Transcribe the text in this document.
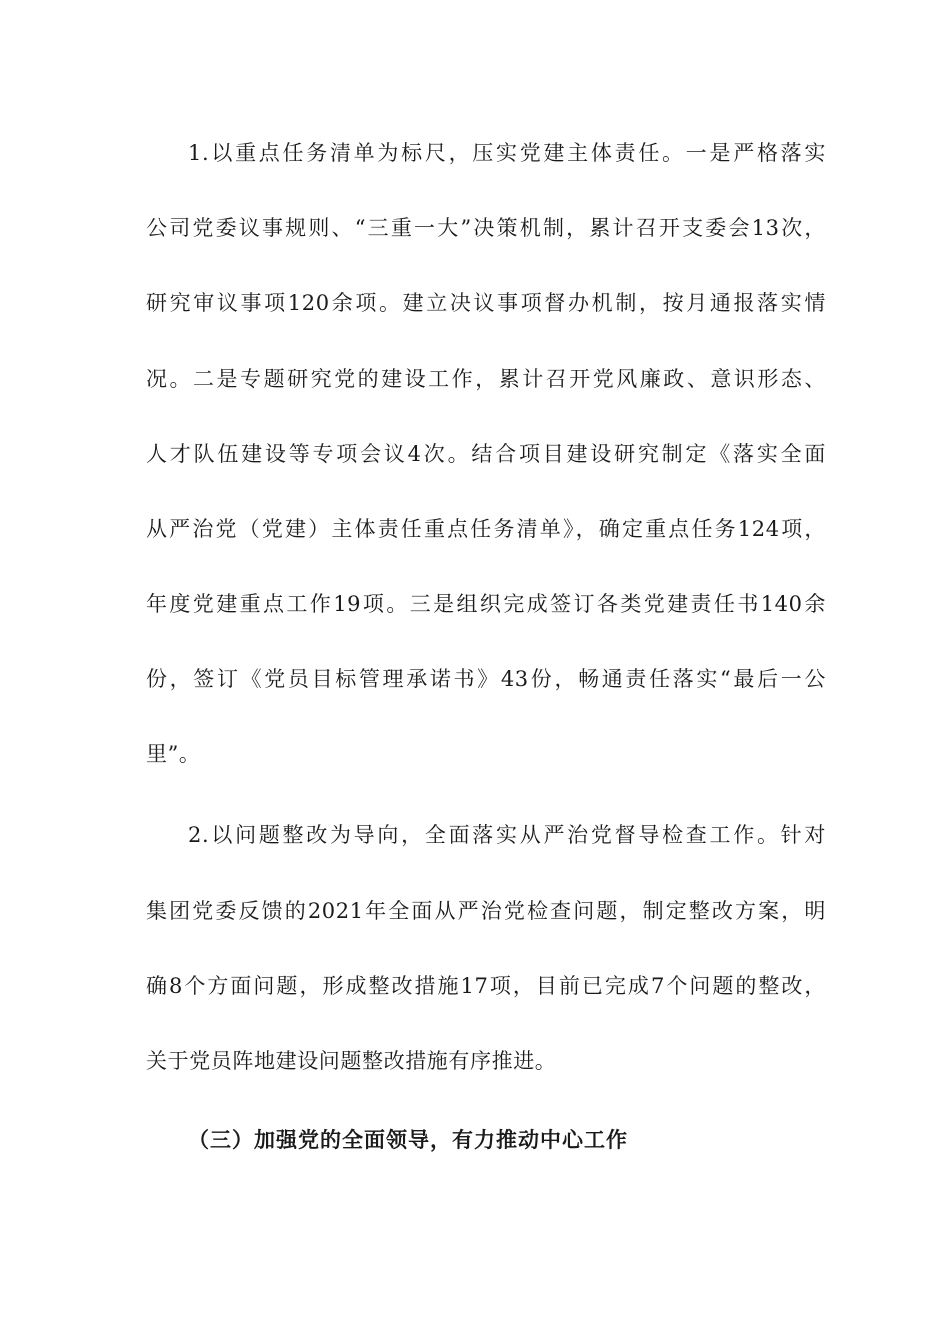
1.以重点任务清单为标尺，压实党建主体责任。一是严格落实
公司党委议事规则、“三重一大”决策机制，累计召开支委会13次，
研究审议事项120余项。建立决议事项督办机制，按月通报落实情
况。二是专题研究党的建设工作，累计召开党风廉政、意识形态、
人才队伍建设等专项会议4次。结合项目建设研究制定《落实全面
从严治党（党建）主体责任重点任务清单》，确定重点任务124项，
年度党建重点工作19项。三是组织完成签订各类党建责任书140余
份，签订《党员目标管理承诺书》43份，畅通责任落实“最后一公
里”。
2.以问题整改为导向，全面落实从严治党督导检查工作。针对
集团党委反馈的2021年全面从严治党检查问题，制定整改方案，明
确8个方面问题，形成整改措施17项，目前已完成7个问题的整改，
关于党员阵地建设问题整改措施有序推进。
（三）加强党的全面领导，有力推动中心工作
